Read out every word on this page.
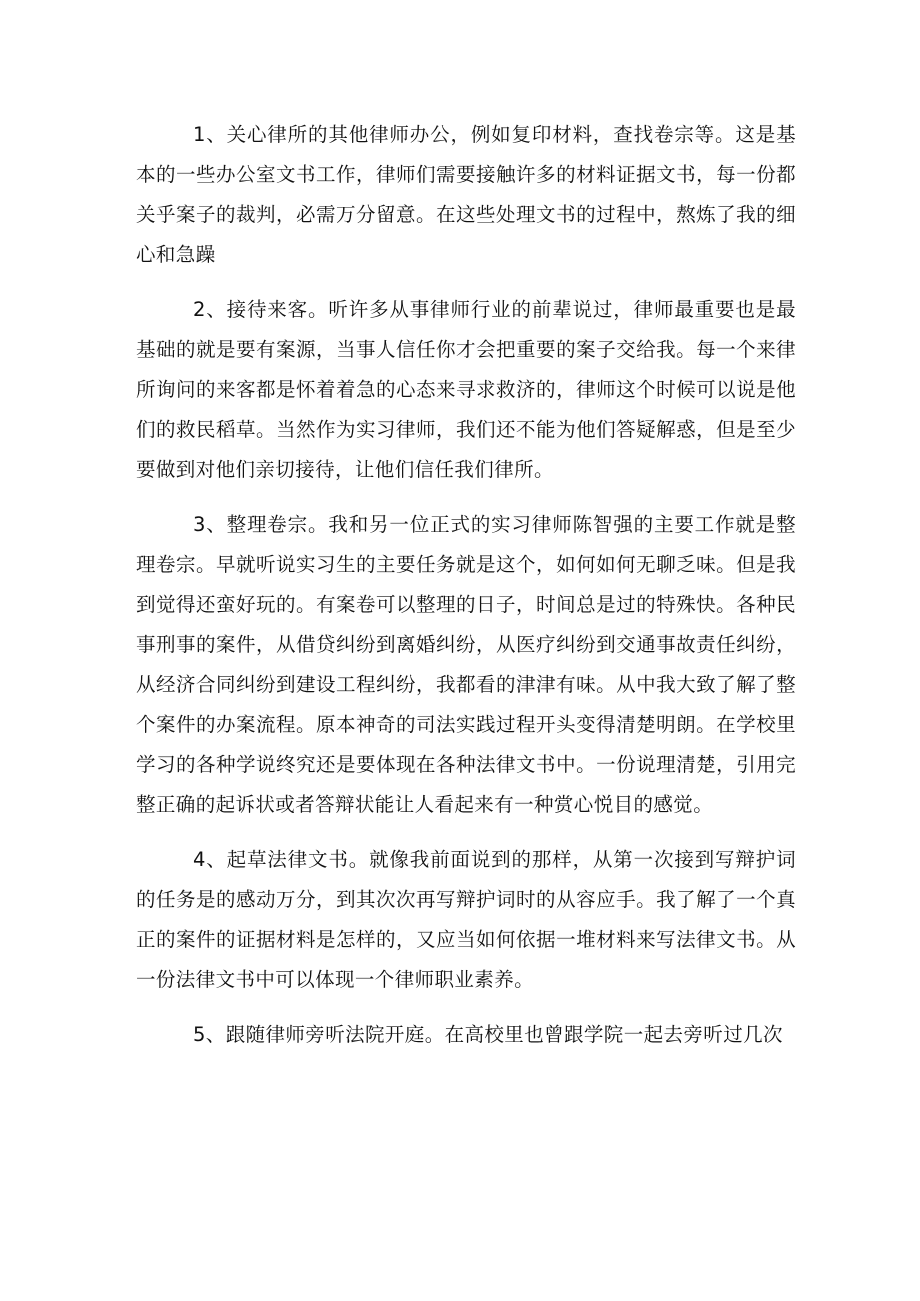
1、关心律所的其他律师办公，例如复印材料，查找卷宗等。这是基本的一些办公室文书工作，律师们需要接触许多的材料证据文书，每一份都关乎案子的裁判，必需万分留意。在这些处理文书的过程中，熬炼了我的细心和急躁

2、接待来客。听许多从事律师行业的前辈说过，律师最重要也是最基础的就是要有案源，当事人信任你才会把重要的案子交给我。每一个来律所询问的来客都是怀着着急的心态来寻求救济的，律师这个时候可以说是他们的救民稻草。当然作为实习律师，我们还不能为他们答疑解惑，但是至少要做到对他们亲切接待，让他们信任我们律所。

3、整理卷宗。我和另一位正式的实习律师陈智强的主要工作就是整理卷宗。早就听说实习生的主要任务就是这个，如何如何无聊乏味。但是我到觉得还蛮好玩的。有案卷可以整理的日子，时间总是过的特殊快。各种民事刑事的案件，从借贷纠纷到离婚纠纷，从医疗纠纷到交通事故责任纠纷，从经济合同纠纷到建设工程纠纷，我都看的津津有味。从中我大致了解了整个案件的办案流程。原本神奇的司法实践过程开头变得清楚明朗。在学校里学习的各种学说终究还是要体现在各种法律文书中。一份说理清楚，引用完整正确的起诉状或者答辩状能让人看起来有一种赏心悦目的感觉。

4、起草法律文书。就像我前面说到的那样，从第一次接到写辩护词的任务是的感动万分，到其次次再写辩护词时的从容应手。我了解了一个真正的案件的证据材料是怎样的，又应当如何依据一堆材料来写法律文书。从一份法律文书中可以体现一个律师职业素养。

5、跟随律师旁听法院开庭。在高校里也曾跟学院一起去旁听过几次
